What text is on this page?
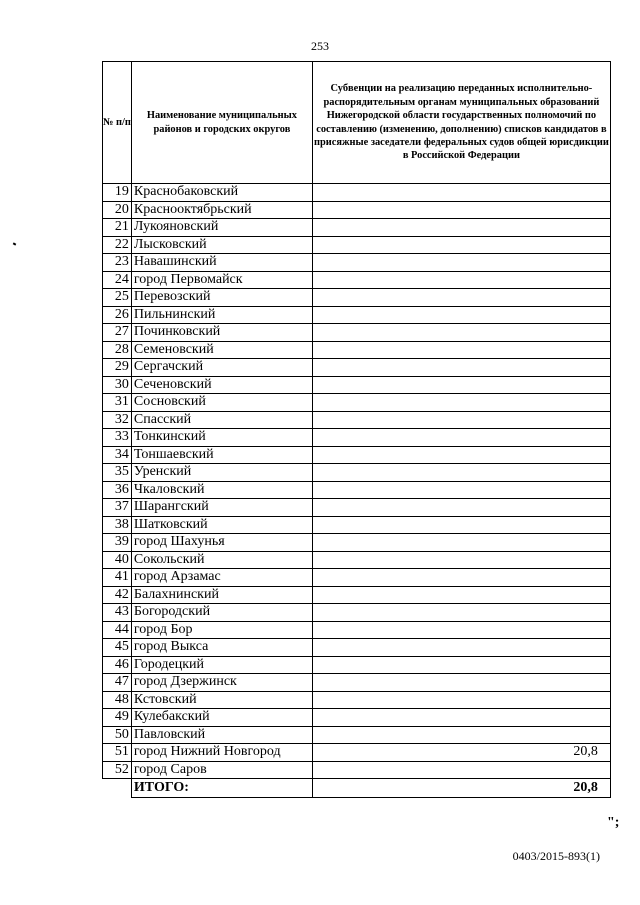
253
№ п/п	Наименование муниципальных районов и городских округов	Субвенции на реализацию переданных исполнительно-распорядительным органам муниципальных образований Нижегородской области государственных полномочий по составлению (изменению, дополнению) списков кандидатов в присяжные заседатели федеральных судов общей юрисдикции в Российской Федерации
19	Краснобаковский	
20	Краснооктябрьский	
21	Лукояновский	
22	Лысковский	
23	Навашинский	
24	город Первомайск	
25	Перевозский	
26	Пильнинский	
27	Починковский	
28	Семеновский	
29	Сергачский	
30	Сеченовский	
31	Сосновский	
32	Спасский	
33	Тонкинский	
34	Тоншаевский	
35	Уренский	
36	Чкаловский	
37	Шарангский	
38	Шатковский	
39	город Шахунья	
40	Сокольский	
41	город Арзамас	
42	Балахнинский	
43	Богородский	
44	город Бор	
45	город Выкса	
46	Городецкий	
47	город Дзержинск	
48	Кстовский	
49	Кулебакский	
50	Павловский	
51	город Нижний Новгород	20,8
52	город Саров	
	ИТОГО:	20,8
";
0403/2015-893(1)
